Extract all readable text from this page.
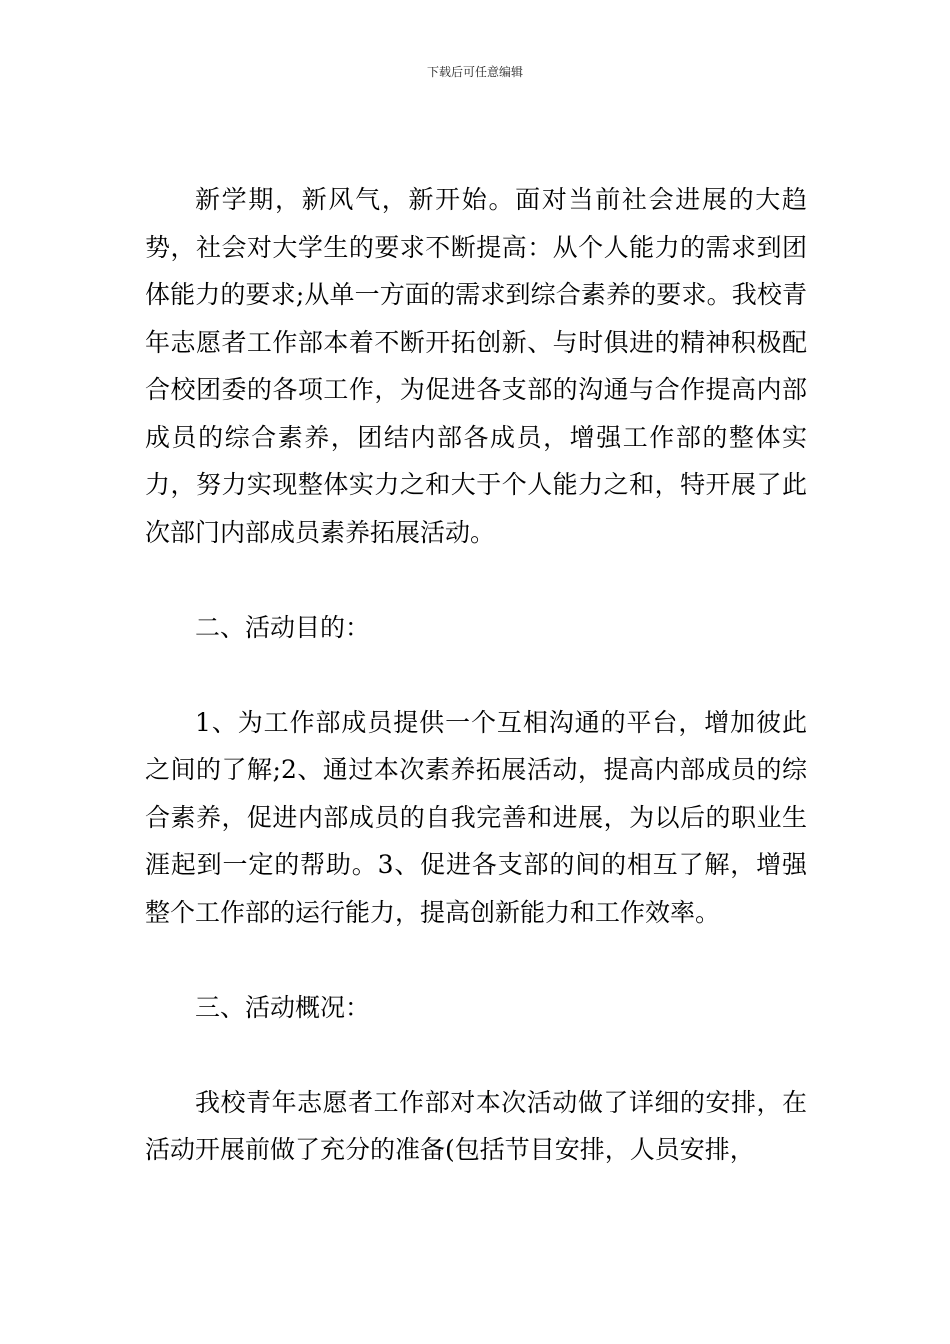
下载后可任意编辑

新学期，新风气，新开始。面对当前社会进展的大趋势，社会对大学生的要求不断提高：从个人能力的需求到团体能力的要求;从单一方面的需求到综合素养的要求。我校青年志愿者工作部本着不断开拓创新、与时俱进的精神积极配合校团委的各项工作，为促进各支部的沟通与合作提高内部成员的综合素养，团结内部各成员，增强工作部的整体实力，努力实现整体实力之和大于个人能力之和，特开展了此次部门内部成员素养拓展活动。

二、活动目的：

1、为工作部成员提供一个互相沟通的平台，增加彼此之间的了解;2、通过本次素养拓展活动，提高内部成员的综合素养，促进内部成员的自我完善和进展，为以后的职业生涯起到一定的帮助。3、促进各支部的间的相互了解，增强整个工作部的运行能力，提高创新能力和工作效率。

三、活动概况：

我校青年志愿者工作部对本次活动做了详细的安排，在活动开展前做了充分的准备(包括节目安排，人员安排，
